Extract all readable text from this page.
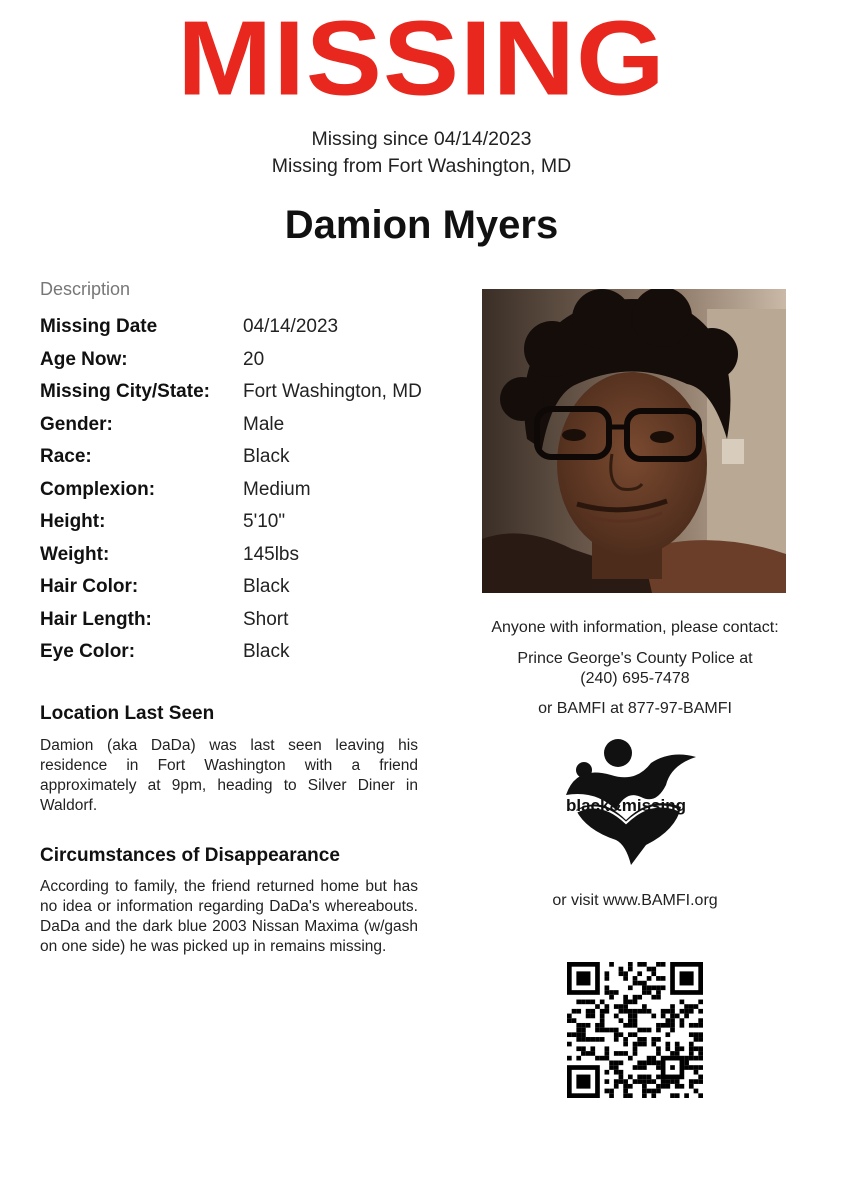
MISSING
Missing since 04/14/2023
Missing from Fort Washington, MD
Damion Myers
Description
Missing Date	04/14/2023
Age Now:	20
Missing City/State: Fort Washington, MD
Gender:	Male
Race:	Black
Complexion:	Medium
Height:	5'10"
Weight:	145lbs
Hair Color:	Black
Hair Length:	Short
Eye Color:	Black
Location Last Seen
Damion (aka DaDa) was last seen leaving his residence in Fort Washington with a friend approximately at 9pm, heading to Silver Diner in Waldorf.
Circumstances of Disappearance
According to family, the friend returned home but has no idea or information regarding DaDa's whereabouts. DaDa and the dark blue 2003 Nissan Maxima (w/gash on one side) he was picked up in remains missing.
Anyone with information, please contact:
Prince George's County Police at
(240) 695-7478
or BAMFI at 877-97-BAMFI
black&missing
or visit www.BAMFI.org
